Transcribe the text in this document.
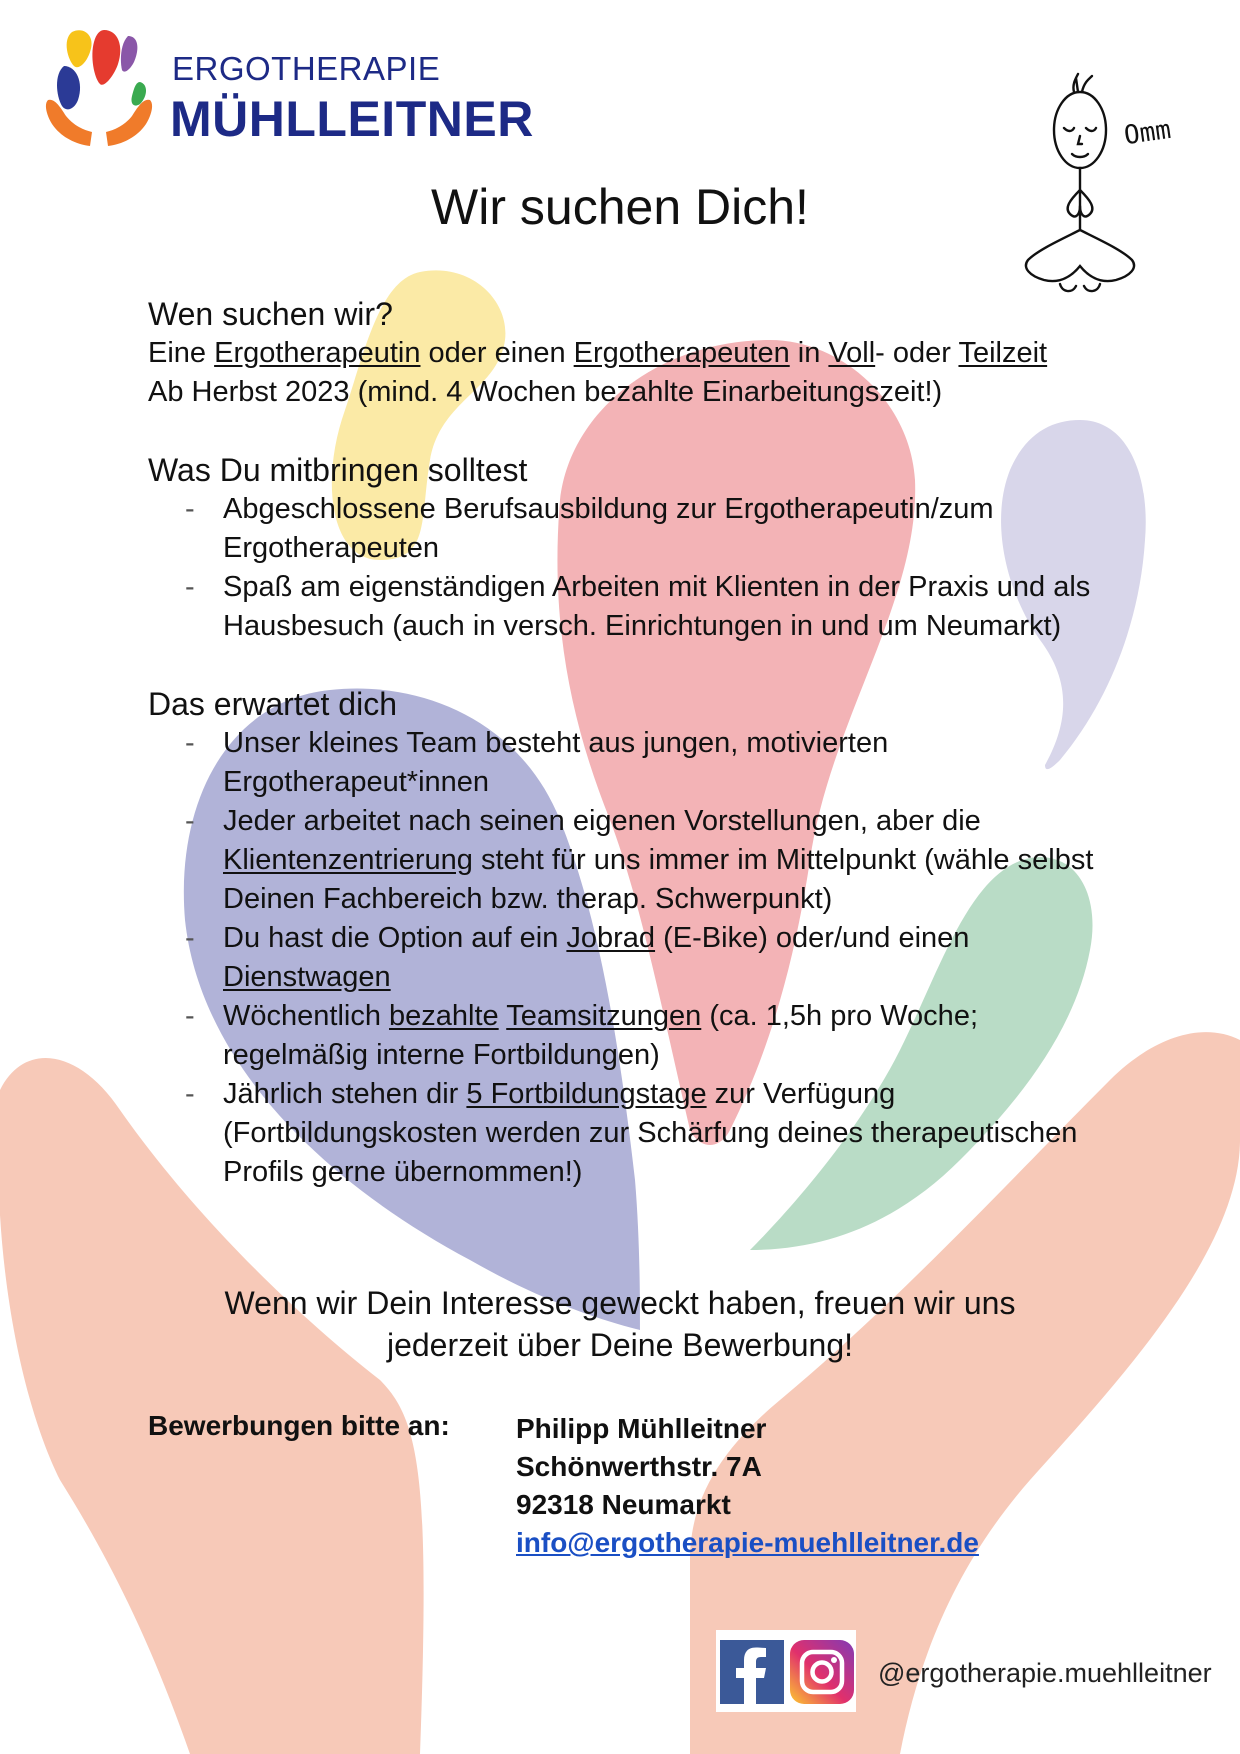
ERGOTHERAPIE
MÜHLLEITNER	Omm
Wir suchen Dich!
Wen suchen wir?

Eine Ergotherapeutin oder einen Ergotherapeuten in Voll- oder Teilzeit

Ab Herbst 2023 (mind. 4 Wochen bezahlte Einarbeitungszeit!)

Was Du mitbringen solltest
- Abgeschlossene Berufsausbildung zur Ergotherapeutin/zum Ergotherapeuten
- Spaß am eigenständigen Arbeiten mit Klienten in der Praxis und als Hausbesuch (auch in versch. Einrichtungen in und um Neumarkt)
Das erwartet dich
- Unser kleines Team besteht aus jungen, motivierten Ergotherapeut*innen
- Jeder arbeitet nach seinen eigenen Vorstellungen, aber die Klientenzentrierung steht für uns immer im Mittelpunkt (wähle selbst Deinen Fachbereich bzw. therap. Schwerpunkt)
- Du hast die Option auf ein Jobrad (E-Bike) oder/und einen Dienstwagen
- Wöchentlich bezahlte Teamsitzungen (ca. 1,5h pro Woche; regelmäßig interne Fortbildungen)
- Jährlich stehen dir 5 Fortbildungstage zur Verfügung (Fortbildungskosten werden zur Schärfung deines therapeutischen Profils gerne übernommen!)
Wenn wir Dein Interesse geweckt haben, freuen wir uns
jederzeit über Deine Bewerbung!
Bewerbungen bitte an: Philipp Mühlleitner
Schönwerthstr. 7A
92318 Neumarkt
info@ergotherapie-muehlleitner.de
@ergotherapie.muehlleitner
